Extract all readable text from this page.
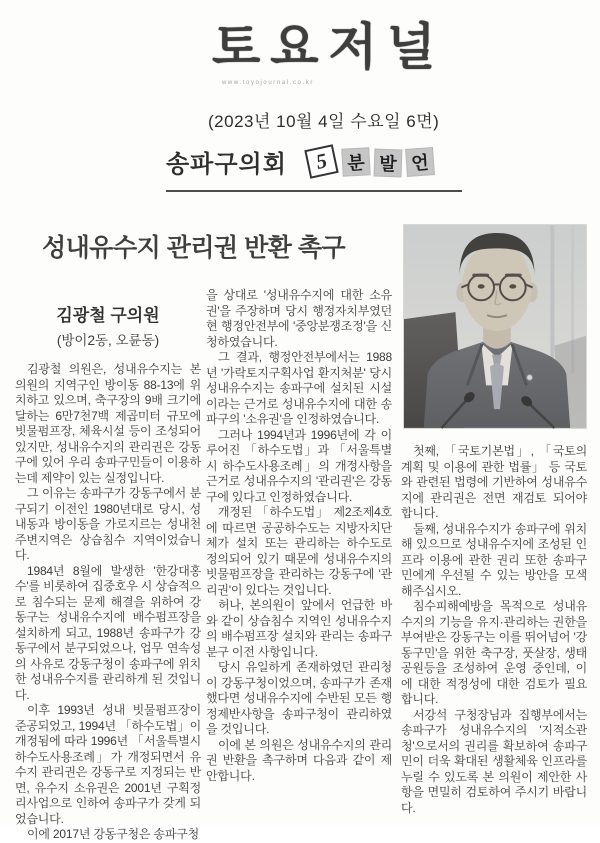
토요저널
www.toyojournal.co.kr
(2023년 10월 4일 수요일 6면)
송파구의회 5 분 발 언
성내유수지 관리권 반환 촉구
김광철 구의원
(방이2동, 오륜동)

김광철 의원은, 성내유수지는 본 의원의 지역구인 방이동 88-13에 위치하고 있으며, 축구장의 9배 크기에 달하는 6만7천7백 제곱미터 규모에 빗물펌프장, 체육시설 등이 조성되어 있지만, 성내유수지의 관리권은 강동구에 있어 우리 송파구민들이 이용하는데 제약이 있는 실정입니다.

그 이유는 송파구가 강동구에서 분구되기 이전인 1980년대로 당시, 성내동과 방이동을 가로지르는 성내천 주변지역은 상습침수 지역이었습니다.

1984년 8월에 발생한 '한강대홍수'를 비롯하여 집중호우 시 상습적으로 침수되는 문제 해결을 위하여 강동구는 성내유수지에 배수펌프장을 설치하게 되고, 1988년 송파구가 강동구에서 분구되었으나, 업무 연속성의 사유로 강동구청이 송파구에 위치한 성내유수지를 관리하게 된 것입니다.

이후 1993년 성내 빗물펌프장이 준공되었고, 1994년 「하수도법」이 개정됨에 따라 1996년 「서울특별시 하수도사용조례」가 개정되면서 유수지 관리권은 강동구로 지정되는 반면, 유수지 소유권은 2001년 구획정리사업으로 인하여 송파구가 갖게 되었습니다.

이에 2017년 강동구청은 송파구청

을 상대로 '성내유수지에 대한 소유권'을 주장하며 당시 행정자치부였던 현 행정안전부에 '중앙분쟁조정'을 신청하였습니다.

그 결과, 행정안전부에서는 1988년 '가락토지구획사업 환지처분' 당시 성내유수지는 송파구에 설치된 시설이라는 근거로 성내유수지에 대한 송파구의 '소유권'을 인정하였습니다.

그러나 1994년과 1996년에 각 이루어진 「하수도법」과 「서울특별시 하수도사용조례」의 개정사항을 근거로 성내유수지의 '관리권'은 강동구에 있다고 인정하였습니다.

개정된 「하수도법」 제2조제4호에 따르면 공공하수도는 지방자치단체가 설치 또는 관리하는 하수도로 정의되어 있기 때문에 성내유수지의 빗물펌프장을 관리하는 강동구에 '관리권'이 있다는 것입니다.

허나, 본의원이 앞에서 언급한 바와 같이 상습침수 지역인 성내유수지의 배수펌프장 설치와 관리는 송파구 분구 이전 사항입니다.

당시 유일하게 존재하였던 관리청이 강동구청이었으며, 송파구가 존재했다면 성내유수지에 수반된 모든 행정제반사항을 송파구청이 관리하였을 것입니다.

이에 본 의원은 성내유수지의 관리권 반환을 촉구하며 다음과 같이 제안합니다.

첫째, 「국토기본법」, 「국토의 계획 및 이용에 관한 법률」 등 국토와 관련된 법령에 기반하여 성내유수지에 관리권은 전면 재검토 되어야 합니다.

둘째, 성내유수지가 송파구에 위치해 있으므로 성내유수지에 조성된 인프라 이용에 관한 권리 또한 송파구민에게 우선될 수 있는 방안을 모색해주십시오.

침수피해예방을 목적으로 성내유수지의 기능을 유지·관리하는 권한을 부여받은 강동구는 이를 뛰어넘어 '강동구민'을 위한 축구장, 풋살장, 생태공원등을 조성하여 운영 중인데, 이에 대한 적정성에 대한 검토가 필요합니다.

서강석 구청장님과 집행부에서는 송파구가 성내유수지의 '지적소관청'으로서의 권리를 확보하여 송파구민이 더욱 확대된 생활체육 인프라를 누릴 수 있도록 본 의원이 제안한 사항을 면밀히 검토하여 주시기 바랍니다.
